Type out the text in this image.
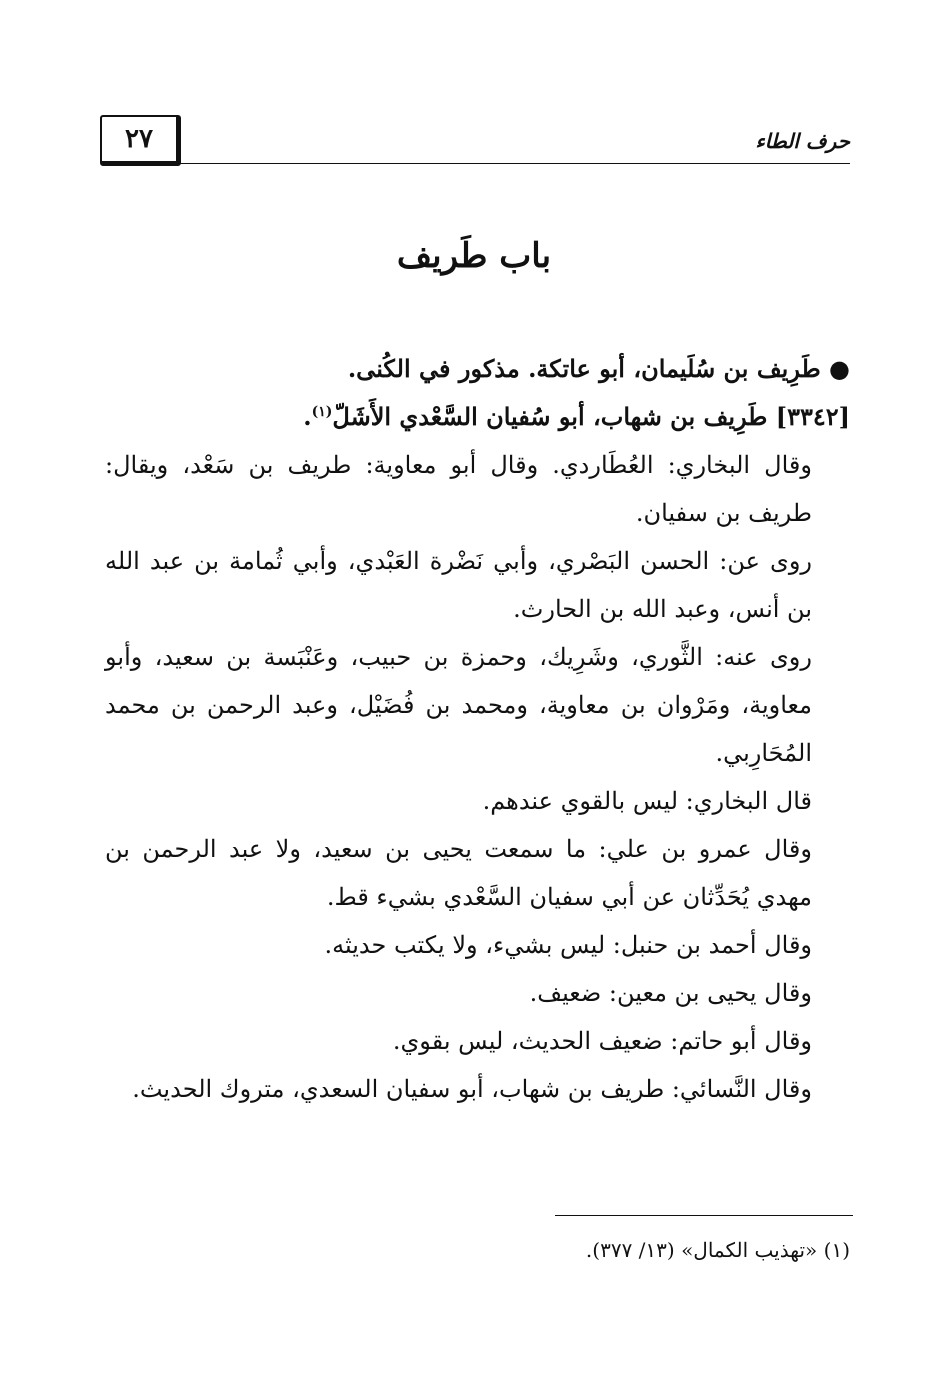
٢٧	حرف الطاء
باب طَريف

● طَرِيف بن سُلَيمان، أبو عاتكة. مذكور في الكُنى.

[٣٣٤٢] طَرِيف بن شهاب، أبو سُفيان السَّعْدي الأَشَلّ$^{(١)}$.

وقال البخاري: العُطَاردي. وقال أبو معاوية: طريف بن سَعْد، ويقال: طريف بن سفيان.

روى عن: الحسن البَصْري، وأبي نَضْرة العَبْدي، وأبي ثُمامة بن عبد الله بن أنس، وعبد الله بن الحارث.

روى عنه: الثَّوري، وشَرِيك، وحمزة بن حبيب، وعَنْبَسة بن سعيد، وأبو معاوية، ومَرْوان بن معاوية، ومحمد بن فُضَيْل، وعبد الرحمن بن محمد المُحَارِبي.

قال البخاري: ليس بالقوي عندهم.

وقال عمرو بن علي: ما سمعت يحيى بن سعيد، ولا عبد الرحمن بن مهدي يُحَدِّثان عن أبي سفيان السَّعْدي بشيء قط.

وقال أحمد بن حنبل: ليس بشيء، ولا يكتب حديثه.

وقال يحيى بن معين: ضعيف.

وقال أبو حاتم: ضعيف الحديث، ليس بقوي.

وقال النَّسائي: طريف بن شهاب، أبو سفيان السعدي، متروك الحديث.

(١) «تهذيب الكمال» (١٣/ ٣٧٧).
